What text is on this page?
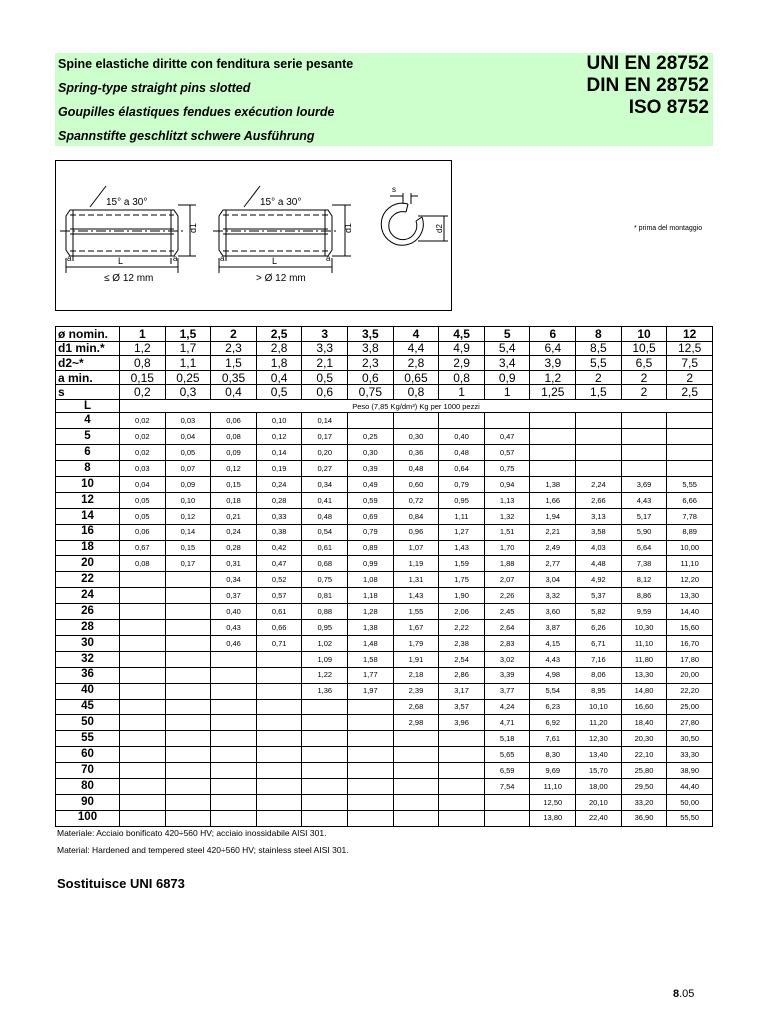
Spine elastiche diritte con fenditura serie pesante
Spring-type straight pins slotted
Goupilles élastiques fendues exécution lourde
Spannstifte geschlitzt schwere Ausführung
UNI EN 28752
DIN EN 28752
ISO 8752
15° a 30°	15° a 30°
d1	d1
L	L
a	a	a	a
≤ Ø 12 mm	> Ø 12 mm
s
d2	* prima del montaggio
ø nomin.	1	1,5	2	2,5	3	3,5	4	4,5	5	6	8	10	12
d1 min.*	1,2	1,7	2,3	2,8	3,3	3,8	4,4	4,9	5,4	6,4	8,5	10,5	12,5
d2~*	0,8	1,1	1,5	1,8	2,1	2,3	2,8	2,9	3,4	3,9	5,5	6,5	7,5
a min.	0,15	0,25	0,35	0,4	0,5	0,6	0,65	0,8	0,9	1,2	2	2	2
s	0,2	0,3	0,4	0,5	0,6	0,75	0,8	1	1	1,25	1,5	2	2,5
L	Peso (7,85 Kg/dm³) Kg per 1000 pezzi												
4	0,02	0,03	0,06	0,10	0,14								
5	0,02	0,04	0,08	0,12	0,17	0,25	0,30	0,40	0,47				
6	0,02	0,05	0,09	0,14	0,20	0,30	0,36	0,48	0,57				
8	0,03	0,07	0,12	0,19	0,27	0,39	0,48	0,64	0,75				
10	0,04	0,09	0,15	0,24	0,34	0,49	0,60	0,79	0,94	1,38	2,24	3,69	5,55
12	0,05	0,10	0,18	0,28	0,41	0,59	0,72	0,95	1,13	1,66	2,66	4,43	6,66
14	0,05	0,12	0,21	0,33	0,48	0,69	0,84	1,11	1,32	1,94	3,13	5,17	7,78
16	0,06	0,14	0,24	0,38	0,54	0,79	0,96	1,27	1,51	2,21	3,58	5,90	8,89
18	0,67	0,15	0,28	0,42	0,61	0,89	1,07	1,43	1,70	2,49	4,03	6,64	10,00
20	0,08	0,17	0,31	0,47	0,68	0,99	1,19	1,59	1,88	2,77	4,48	7,38	11,10
22			0,34	0,52	0,75	1,08	1,31	1,75	2,07	3,04	4,92	8,12	12,20
24			0,37	0,57	0,81	1,18	1,43	1,90	2,26	3,32	5,37	8,86	13,30
26			0,40	0,61	0,88	1,28	1,55	2,06	2,45	3,60	5,82	9,59	14,40
28			0,43	0,66	0,95	1,38	1,67	2,22	2,64	3,87	6,26	10,30	15,60
30			0,46	0,71	1,02	1,48	1,79	2,38	2,83	4,15	6,71	11,10	16,70
32					1,09	1,58	1,91	2,54	3,02	4,43	7,16	11,80	17,80
36					1,22	1,77	2,18	2,86	3,39	4,98	8,06	13,30	20,00
40					1,36	1,97	2,39	3,17	3,77	5,54	8,95	14,80	22,20
45							2,68	3,57	4,24	6,23	10,10	16,60	25,00
50							2,98	3,96	4,71	6,92	11,20	18,40	27,80
55									5,18	7,61	12,30	20,30	30,50
60									5,65	8,30	13,40	22,10	33,30
70									6,59	9,69	15,70	25,80	38,90
80									7,54	11,10	18,00	29,50	44,40
90										12,50	20,10	33,20	50,00
100										13,80	22,40	36,90	55,50
Materiale: Acciaio bonificato 420÷560 HV; acciaio inossidabile AISI 301.
Material: Hardened and tempered steel 420÷560 HV; stainless steel AISI 301.
Sostituisce UNI 6873
8.05
